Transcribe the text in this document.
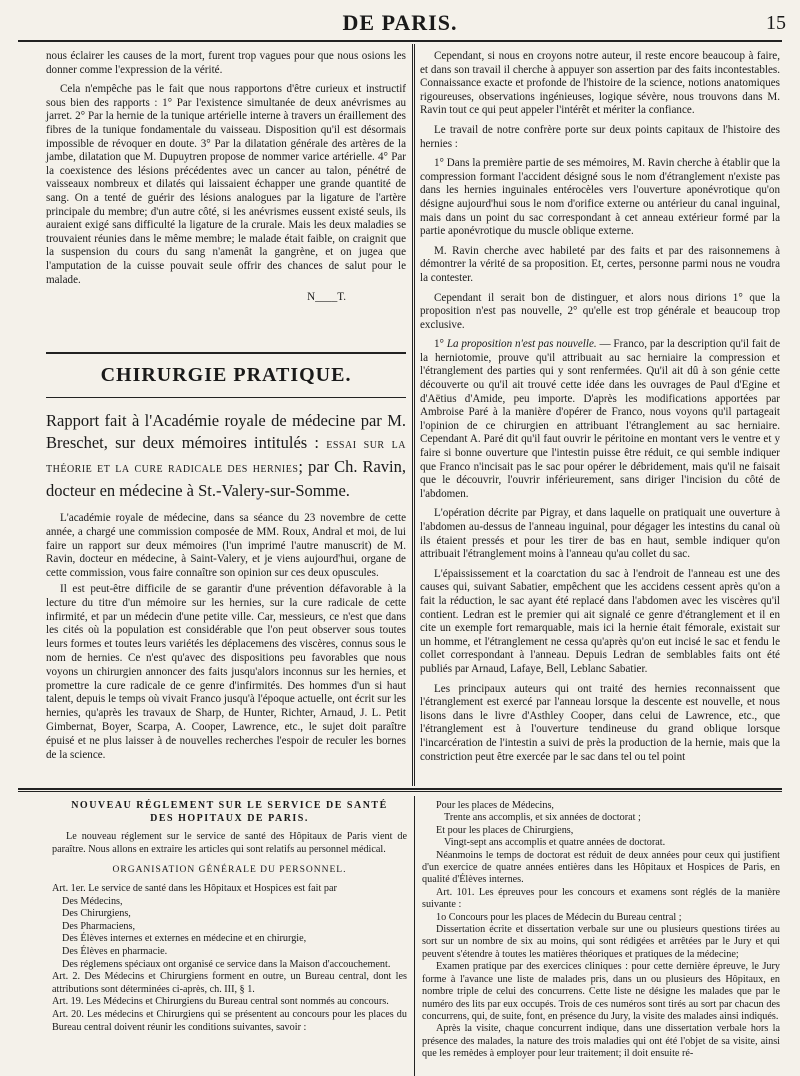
DE PARIS.	15

nous éclairer les causes de la mort, furent trop vagues pour que nous osions les donner comme l'expression de la vérité.

Cela n'empêche pas le fait que nous rapportons d'être curieux et instructif sous bien des rapports : 1° Par l'existence simultanée de deux anévrismes au jarret. 2° Par la hernie de la tunique artérielle interne à travers un éraillement des fibres de la tunique fondamentale du vaisseau. Disposition qu'il est désormais impossible de révoquer en doute. 3° Par la dilatation générale des artères de la jambe, dilatation que M. Dupuytren propose de nommer varice artérielle. 4° Par la coexistence des lésions précédentes avec un cancer au talon, pénétré de vaisseaux nombreux et dilatés qui laissaient échapper une grande quantité de sang. On a tenté de guérir des lésions analogues par la ligature de l'artère principale du membre; d'un autre côté, si les anévrismes eussent existé seuls, ils auraient exigé sans difficulté la ligature de la crurale. Mais les deux maladies se trouvaient réunies dans le même membre; le malade était faible, on craignit que la suspension du cours du sang n'amenât la gangrène, et on jugea que l'amputation de la cuisse pouvait seule offrir des chances de salut pour le malade.

N____T.
CHIRURGIE PRATIQUE.
Rapport fait à l'Académie royale de médecine par M. Breschet, sur deux mémoires intitulés : essai sur la théorie et la cure radicale des hernies; par Ch. Ravin, docteur en médecine à St.-Valery-sur-Somme.

L'académie royale de médecine, dans sa séance du 23 novembre de cette année, a chargé une commission composée de MM. Roux, Andral et moi, de lui faire un rapport sur deux mémoires (l'un imprimé l'autre manuscrit) de M. Ravin, docteur en médecine, à Saint-Valery, et je viens aujourd'hui, organe de cette commission, vous faire connaître son opinion sur ces deux opuscules.

Il est peut-être difficile de se garantir d'une prévention défavorable à la lecture du titre d'un mémoire sur les hernies, sur la cure radicale de cette infirmité, et par un médecin d'une petite ville. Car, messieurs, ce n'est que dans les cités où la population est considérable que l'on peut observer sous toutes leurs formes et toutes leurs variétés les déplacemens des viscères, connus sous le nom de hernies. Ce n'est qu'avec des dispositions peu favorables que nous voyons un chirurgien annoncer des faits jusqu'alors inconnus sur les hernies, et promettre la cure radicale de ce genre d'infirmités. Des hommes d'un si haut talent, depuis le temps où vivait Franco jusqu'à l'époque actuelle, ont écrit sur les hernies, qu'après les travaux de Sharp, de Hunter, Richter, Arnaud, J. L. Petit Gimbernat, Boyer, Scarpa, A. Cooper, Lawrence, etc., le sujet doit paraître épuisé et ne plus laisser à de nouvelles recherches l'espoir de reculer les bornes de la science.

Cependant, si nous en croyons notre auteur, il reste encore beaucoup à faire, et dans son travail il cherche à appuyer son assertion par des faits incontestables. Connaissance exacte et profonde de l'histoire de la science, notions anatomiques rigoureuses, observations ingénieuses, logique sévère, nous trouvons dans M. Ravin tout ce qui peut appeler l'intérêt et mériter la confiance.

Le travail de notre confrère porte sur deux points capitaux de l'histoire des hernies :

1° Dans la première partie de ses mémoires, M. Ravin cherche à établir que la compression formant l'accident désigné sous le nom d'étranglement n'existe pas dans les hernies inguinales entérocèles vers l'ouverture aponévrotique qu'on désigne aujourd'hui sous le nom d'orifice externe ou antérieur du canal inguinal, mais dans un point du sac correspondant à cet anneau extérieur formé par la partie aponévrotique du muscle oblique externe.

M. Ravin cherche avec habileté par des faits et par des raisonnemens à démontrer la vérité de sa proposition. Et, certes, personne parmi nous ne voudra la contester.

Cependant il serait bon de distinguer, et alors nous dirions 1° que la proposition n'est pas nouvelle, 2° qu'elle est trop générale et beaucoup trop exclusive.

1° La proposition n'est pas nouvelle. — Franco, par la description qu'il fait de la herniotomie, prouve qu'il attribuait au sac herniaire la compression et l'étranglement des parties qui y sont renfermées. Qu'il ait dû à son génie cette découverte ou qu'il ait trouvé cette idée dans les ouvrages de Paul d'Egine et d'Aëtius d'Amide, peu importe. D'après les modifications apportées par Ambroise Paré à la manière d'opérer de Franco, nous voyons qu'il partageait l'opinion de ce chirurgien en attribuant l'étranglement au sac herniaire. Cependant A. Paré dit qu'il faut ouvrir le péritoine en montant vers le ventre et y faire si bonne ouverture que l'intestin puisse être réduit, ce qui semble indiquer que Franco n'incisait pas le sac pour opérer le débridement, mais qu'il ne faisait que le découvrir, l'ouvrir inférieurement, sans diriger l'incision du côté de l'abdomen.

L'opération décrite par Pigray, et dans laquelle on pratiquait une ouverture à l'abdomen au-dessus de l'anneau inguinal, pour dégager les intestins du canal où ils étaient pressés et pour les tirer de bas en haut, semble indiquer qu'on attribuait l'étranglement moins à l'anneau qu'au collet du sac.

L'épaississement et la coarctation du sac à l'endroit de l'anneau est une des causes qui, suivant Sabatier, empêchent que les accidens cessent après qu'on a fait la réduction, le sac ayant été replacé dans l'abdomen avec les viscères qu'il contient. Ledran est le premier qui ait signalé ce genre d'étranglement et il en cite un exemple fort remarquable, mais ici la hernie était fémorale, existait sur un homme, et l'étranglement ne cessa qu'après qu'on eut incisé le sac et fendu le collet correspondant à l'anneau. Depuis Ledran de semblables faits ont été publiés par Arnaud, Lafaye, Bell, Leblanc Sabatier.

Les principaux auteurs qui ont traité des hernies reconnaissent que l'étranglement est exercé par l'anneau lorsque la descente est nouvelle, et nous lisons dans le livre d'Asthley Cooper, dans celui de Lawrence, etc., que l'étranglement est à l'ouverture tendineuse du grand oblique lorsque l'incarcération de l'intestin a suivi de près la production de la hernie, mais que la constriction peut être exercée par le sac dans tel ou tel point

NOUVEAU RÉGLEMENT SUR LE SERVICE DE SANTÉ
DES HOPITAUX DE PARIS.
Le nouveau réglement sur le service de santé des Hôpitaux de Paris vient de paraître. Nous allons en extraire les articles qui sont relatifs au personnel médical.
ORGANISATION GÉNÉRALE DU PERSONNEL.
Art. 1er. Le service de santé dans les Hôpitaux et Hospices est fait par
Des Médecins,
Des Chirurgiens,
Des Pharmaciens,
Des Élèves internes et externes en médecine et en chirurgie,
Des Élèves en pharmacie.
Des réglemens spéciaux ont organisé ce service dans la Maison d'accouchement.
Art. 2. Des Médecins et Chirurgiens forment en outre, un Bureau central, dont les attributions sont déterminées ci-après, ch. III, § 1.
Art. 19. Les Médecins et Chirurgiens du Bureau central sont nommés au concours.
Art. 20. Les médecins et Chirurgiens qui se présentent au concours pour les places du Bureau central doivent réunir les conditions suivantes, savoir :

Pour les places de Médecins,

Trente ans accomplis, et six années de doctorat ;

Et pour les places de Chirurgiens,

Vingt-sept ans accomplis et quatre années de doctorat.

Néanmoins le temps de doctorat est réduit de deux années pour ceux qui justifient d'un exercice de quatre années entières dans les Hôpitaux et Hospices de Paris, en qualité d'Élèves internes.

Art. 101. Les épreuves pour les concours et examens sont réglés de la manière suivante :

1o Concours pour les places de Médecin du Bureau central ;

Dissertation écrite et dissertation verbale sur une ou plusieurs questions tirées au sort sur un nombre de six au moins, qui sont rédigées et arrêtées par le Jury et qui peuvent s'étendre à toutes les matières théoriques et pratiques de la médecine;

Examen pratique par des exercices cliniques : pour cette dernière épreuve, le Jury forme à l'avance une liste de malades pris, dans un ou plusieurs des Hôpitaux, en nombre triple de celui des concurrens. Cette liste ne désigne les malades que par le numéro des lits par eux occupés. Trois de ces numéros sont tirés au sort par chacun des concurrens, qui, de suite, font, en présence du Jury, la visite des malades ainsi indiqués.

Après la visite, chaque concurrent indique, dans une dissertation verbale hors la présence des malades, la nature des trois maladies qui ont été l'objet de sa visite, ainsi que les remèdes à employer pour leur traitement; il doit ensuite ré-
